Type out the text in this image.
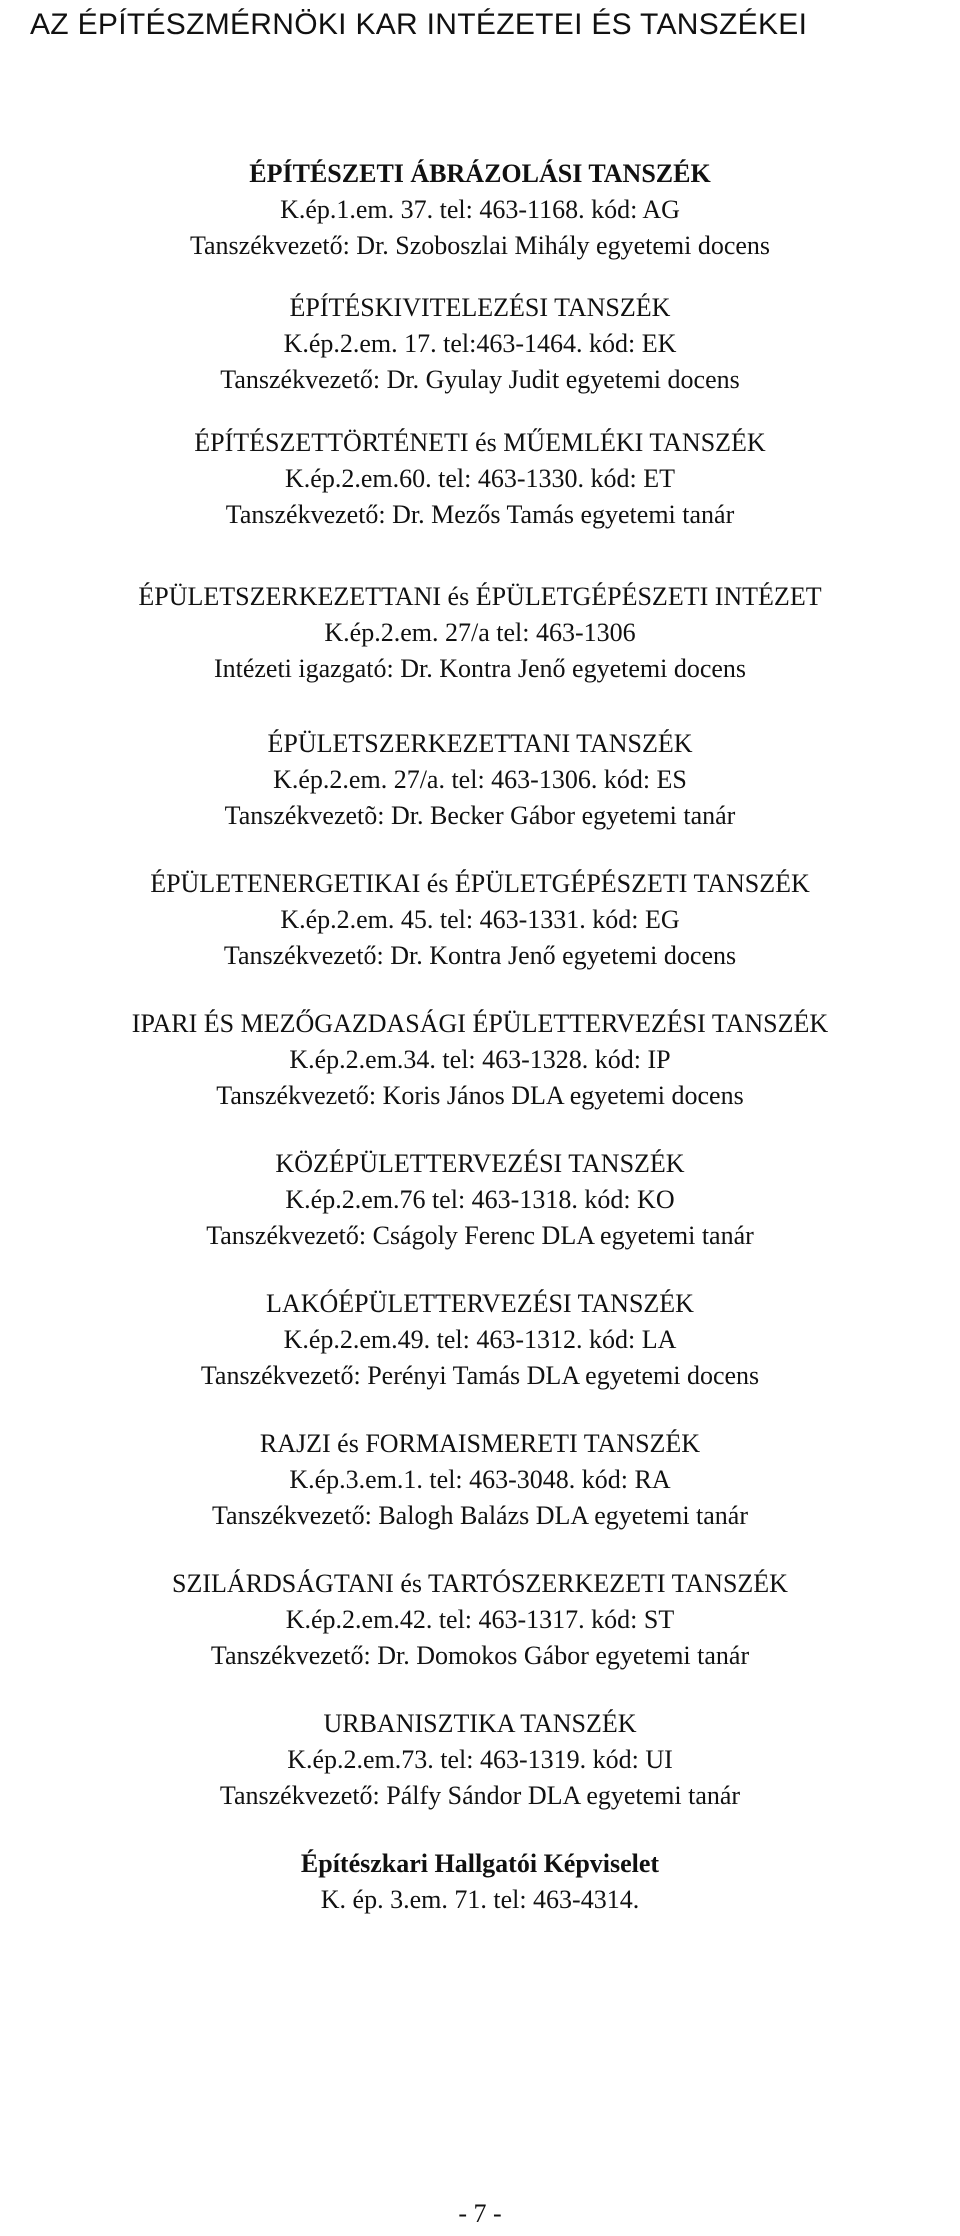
AZ ÉPÍTÉSZMÉRNÖKI KAR INTÉZETEI ÉS TANSZÉKEI
ÉPÍTÉSZETI ÁBRÁZOLÁSI TANSZÉK
K.ép.1.em. 37. tel: 463-1168. kód: AG
Tanszékvezető: Dr. Szoboszlai Mihály egyetemi docens
ÉPÍTÉSKIVITELEZÉSI TANSZÉK
K.ép.2.em. 17. tel:463-1464. kód: EK
Tanszékvezető: Dr. Gyulay Judit egyetemi docens
ÉPÍTÉSZETTÖRTÉNETI és MŰEMLÉKI TANSZÉK
K.ép.2.em.60. tel: 463-1330. kód: ET
Tanszékvezető: Dr. Mezős Tamás egyetemi tanár
ÉPÜLETSZERKEZETTANI és ÉPÜLETGÉPÉSZETI INTÉZET
K.ép.2.em. 27/a tel: 463-1306
Intézeti igazgató: Dr. Kontra Jenő egyetemi docens
ÉPÜLETSZERKEZETTANI TANSZÉK
K.ép.2.em. 27/a. tel: 463-1306. kód: ES
Tanszékvezetõ: Dr. Becker Gábor egyetemi tanár
ÉPÜLETENERGETIKAI és ÉPÜLETGÉPÉSZETI TANSZÉK
K.ép.2.em. 45. tel: 463-1331. kód: EG
Tanszékvezető: Dr. Kontra Jenő egyetemi docens
IPARI ÉS MEZŐGAZDASÁGI ÉPÜLETTERVEZÉSI TANSZÉK
K.ép.2.em.34. tel: 463-1328. kód: IP
Tanszékvezető: Koris János DLA egyetemi docens
KÖZÉPÜLETTERVEZÉSI TANSZÉK
K.ép.2.em.76 tel: 463-1318. kód: KO
Tanszékvezető: Cságoly Ferenc DLA egyetemi tanár
LAKÓÉPÜLETTERVEZÉSI TANSZÉK
K.ép.2.em.49. tel: 463-1312. kód: LA
Tanszékvezető: Perényi Tamás DLA egyetemi docens
RAJZI és FORMAISMERETI TANSZÉK
K.ép.3.em.1. tel: 463-3048. kód: RA
Tanszékvezető: Balogh Balázs DLA egyetemi tanár
SZILÁRDSÁGTANI és TARTÓSZERKEZETI TANSZÉK
K.ép.2.em.42. tel: 463-1317. kód: ST
Tanszékvezető: Dr. Domokos Gábor egyetemi tanár
URBANISZTIKA TANSZÉK
K.ép.2.em.73. tel: 463-1319. kód: UI
Tanszékvezető: Pálfy Sándor DLA egyetemi tanár
Építészkari Hallgatói Képviselet
K. ép. 3.em. 71. tel: 463-4314.
- 7 -
